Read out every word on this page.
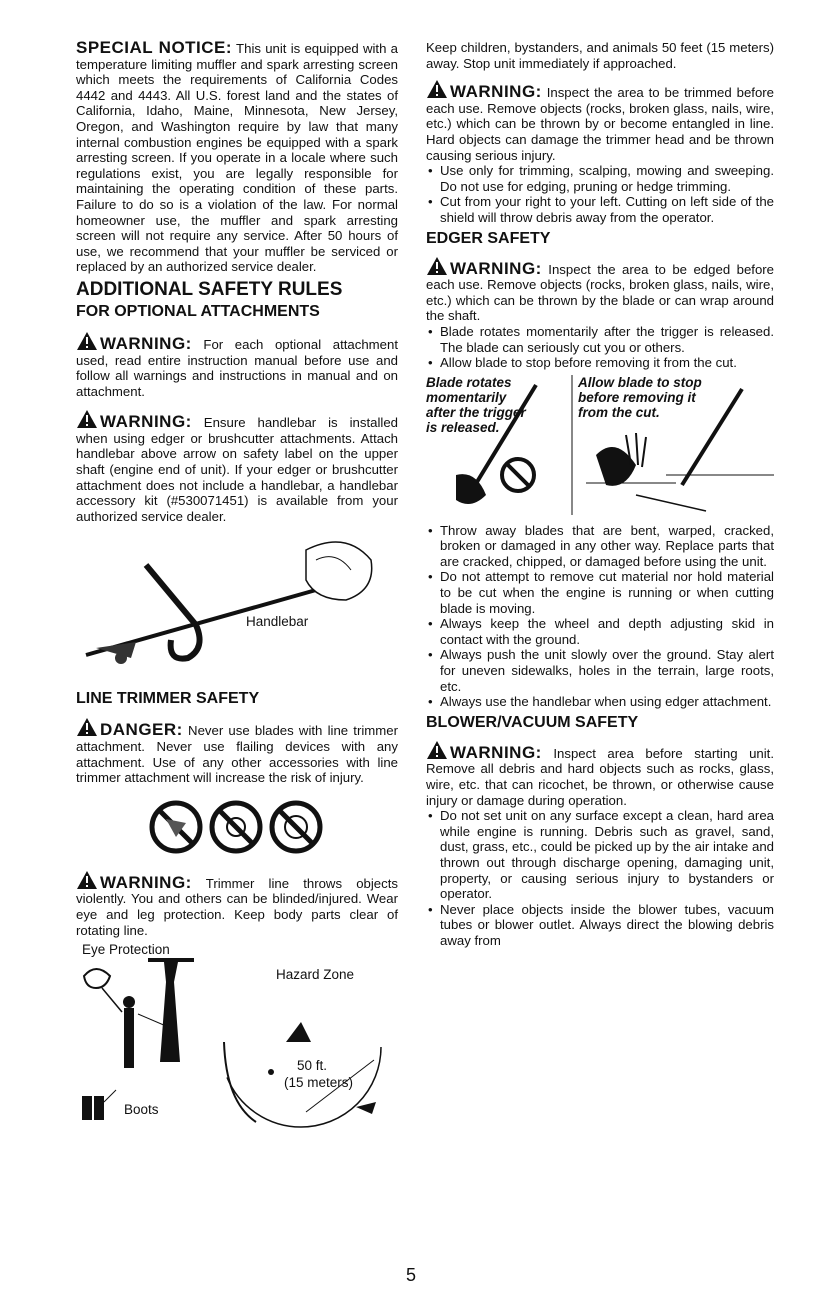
SPECIAL NOTICE: This unit is equipped with a temperature limiting muffler and spark arresting screen which meets the requirements of California Codes 4442 and 4443. All U.S. forest land and the states of California, Idaho, Maine, Minnesota, New Jersey, Oregon, and Washington require by law that many internal combustion engines be equipped with a spark arresting screen. If you operate in a locale where such regulations exist, you are legally responsible for maintaining the operating condition of these parts. Failure to do so is a violation of the law. For normal homeowner use, the muffler and spark arresting screen will not require any service. After 50 hours of use, we recommend that your muffler be serviced or replaced by an authorized service dealer.

ADDITIONAL SAFETY RULES
FOR OPTIONAL ATTACHMENTS

WARNING: For each optional attachment used, read entire instruction manual before use and follow all warnings and instructions in manual and on attachment.

WARNING: Ensure handlebar is installed when using edger or brushcutter attachments. Attach handlebar above arrow on safety label on the upper shaft (engine end of unit). If your edger or brushcutter attachment does not include a handlebar, a handlebar accessory kit (#530071451) is available from your authorized service dealer.

Handlebar
LINE TRIMMER SAFETY

DANGER: Never use blades with line trimmer attachment. Never use flailing devices with any attachment. Use of any other accessories with line trimmer attachment will increase the risk of injury.

WARNING: Trimmer line throws objects violently. You and others can be blinded/injured. Wear eye and leg protection. Keep body parts clear of rotating line.

Eye Protection
Hazard Zone
50 ft.
(15 meters)
Boots

Keep children, bystanders, and animals 50 feet (15 meters) away. Stop unit immediately if approached.

WARNING: Inspect the area to be trimmed before each use. Remove objects (rocks, broken glass, nails, wire, etc.) which can be thrown by or become entangled in line. Hard objects can damage the trimmer head and be thrown causing serious injury.

• Use only for trimming, scalping, mowing and sweeping. Do not use for edging, pruning or hedge trimming.
• Cut from your right to your left. Cutting on left side of the shield will throw debris away from the operator.
EDGER SAFETY

WARNING: Inspect the area to be edged before each use. Remove objects (rocks, broken glass, nails, wire, etc.) which can be thrown by the blade or can wrap around the shaft.

• Blade rotates momentarily after the trigger is released. The blade can seriously cut you or others.
• Allow blade to stop before removing it from the cut.
Blade rotates momentarily after the trigger is released.
Allow blade to stop before removing it from the cut.
• Throw away blades that are bent, warped, cracked, broken or damaged in any other way. Replace parts that are cracked, chipped, or damaged before using the unit.
• Do not attempt to remove cut material nor hold material to be cut when the engine is running or when cutting blade is moving.
• Always keep the wheel and depth adjusting skid in contact with the ground.
• Always push the unit slowly over the ground. Stay alert for uneven sidewalks, holes in the terrain, large roots, etc.
• Always use the handlebar when using edger attachment.
BLOWER/VACUUM SAFETY

WARNING: Inspect area before starting unit. Remove all debris and hard objects such as rocks, glass, wire, etc. that can ricochet, be thrown, or otherwise cause injury or damage during operation.

• Do not set unit on any surface except a clean, hard area while engine is running. Debris such as gravel, sand, dust, grass, etc., could be picked up by the air intake and thrown out through discharge opening, damaging unit, property, or causing serious injury to bystanders or operator.
• Never place objects inside the blower tubes, vacuum tubes or blower outlet. Always direct the blowing debris away from
5
